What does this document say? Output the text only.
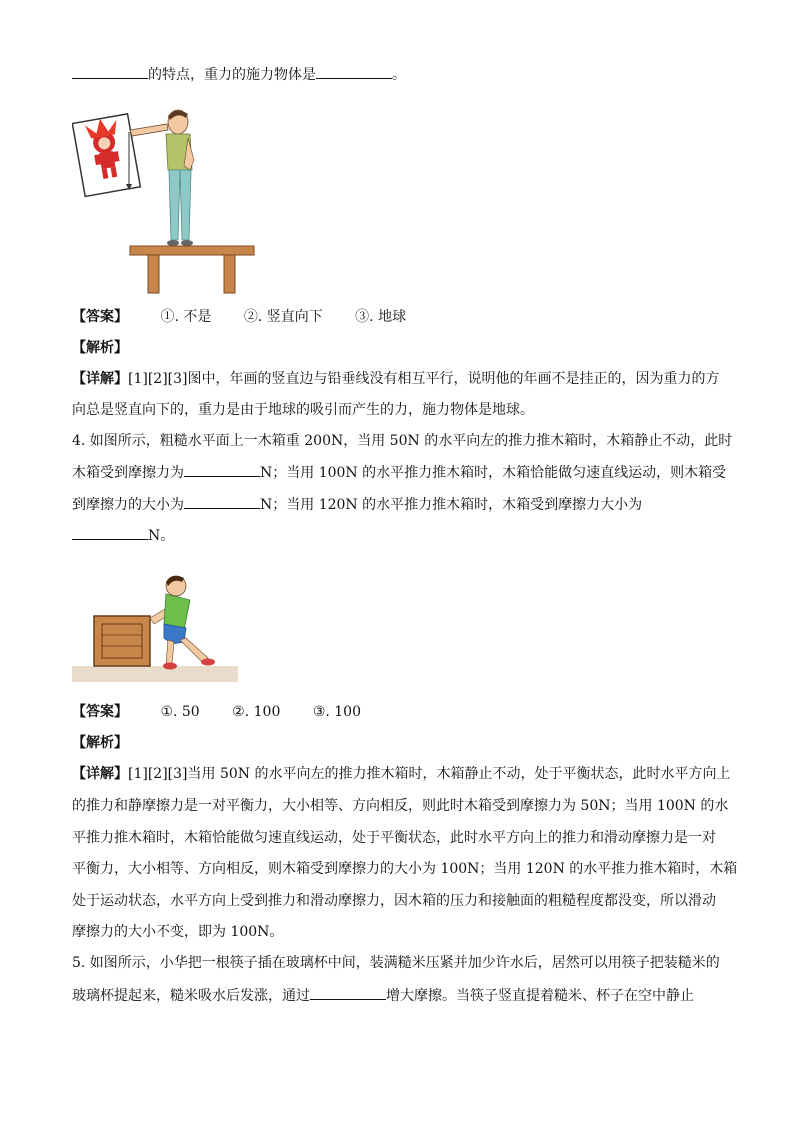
的特点，重力的施力物体是	。
【答案】 ①. 不是 ②. 竖直向下 ③. 地球
【解析】
【详解】[1][2][3]图中，年画的竖直边与铅垂线没有相互平行，说明他的年画不是挂正的，因为重力的方
向总是竖直向下的，重力是由于地球的吸引而产生的力，施力物体是地球。
4. 如图所示，粗糙水平面上一木箱重 200N，当用 50N 的水平向左的推力推木箱时，木箱静止不动，此时
木箱受到摩擦力为	N；当用 100N 的水平推力推木箱时，木箱恰能做匀速直线运动，则木箱受
到摩擦力的大小为	N；当用 120N 的水平推力推木箱时，木箱受到摩擦力大小为
N。
【答案】 ①. 50 ②. 100 ③. 100
【解析】
【详解】[1][2][3]当用 50N 的水平向左的推力推木箱时，木箱静止不动，处于平衡状态，此时水平方向上
的推力和静摩擦力是一对平衡力，大小相等、方向相反，则此时木箱受到摩擦力为 50N；当用 100N 的水
平推力推木箱时，木箱恰能做匀速直线运动，处于平衡状态，此时水平方向上的推力和滑动摩擦力是一对
平衡力，大小相等、方向相反，则木箱受到摩擦力的大小为 100N；当用 120N 的水平推力推木箱时，木箱
处于运动状态，水平方向上受到推力和滑动摩擦力，因木箱的压力和接触面的粗糙程度都没变，所以滑动
摩擦力的大小不变，即为 100N。
5. 如图所示，小华把一根筷子插在玻璃杯中间，装满糙米压紧并加少许水后，居然可以用筷子把装糙米的
玻璃杯提起来，糙米吸水后发涨，通过	增大摩擦。当筷子竖直提着糙米、杯子在空中静止
